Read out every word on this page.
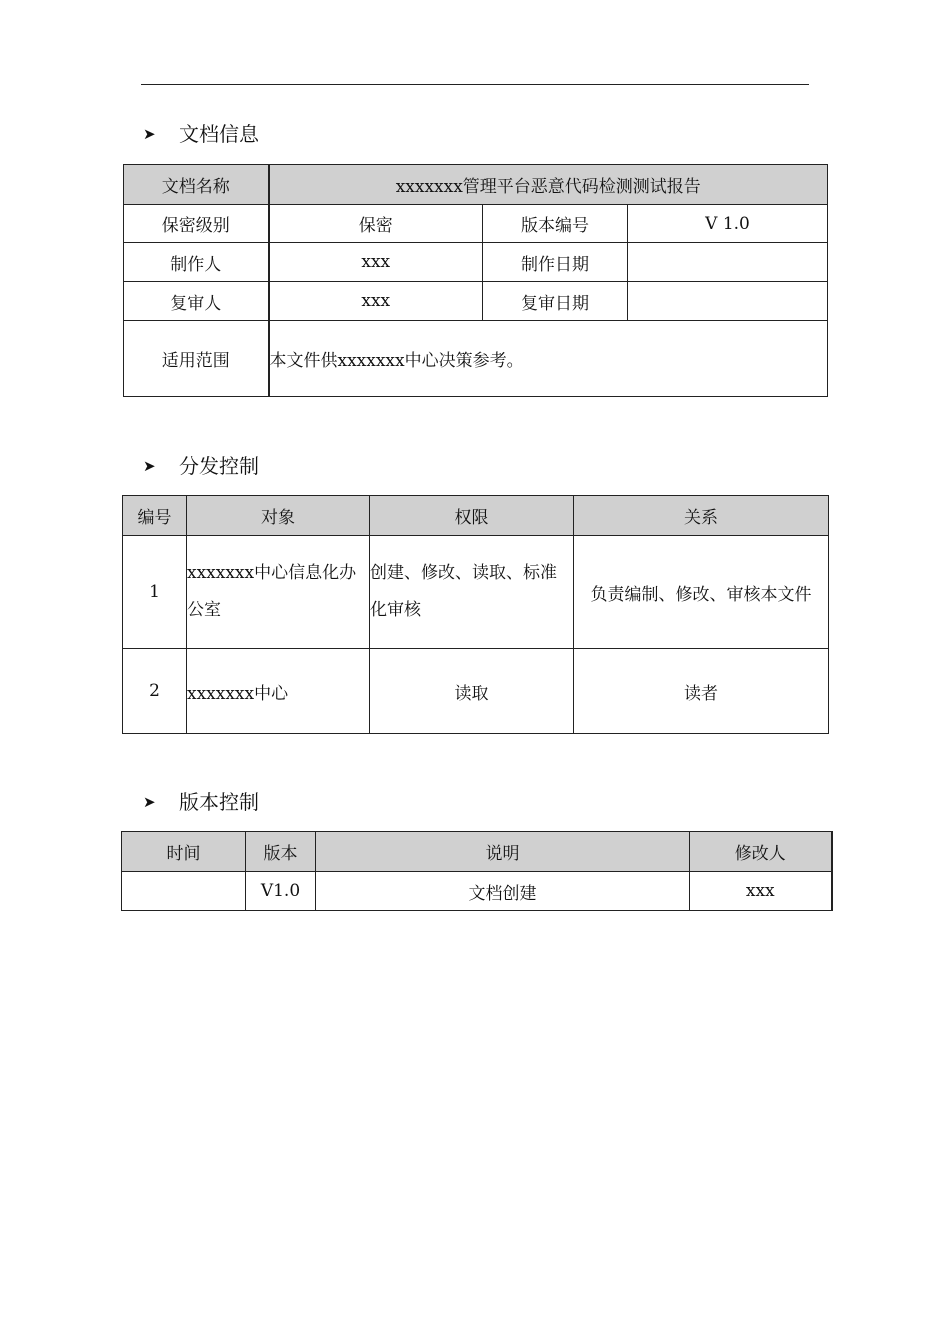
➤	文档信息
文档名称	xxxxxxx管理平台恶意代码检测测试报告		
保密级别	保密	版本编号	V 1.0
制作人	xxx	制作日期	
复审人	xxx	复审日期	
适用范围	本文件供xxxxxxx中心决策参考。		
➤	分发控制
编号	对象	权限	关系
1	xxxxxxx中心信息化办公室	创建、修改、读取、标准化审核	负责编制、修改、审核本文件
2	xxxxxxx中心	读取	读者
➤	版本控制
时间	版本	说明	修改人
	V1.0	文档创建	xxx
